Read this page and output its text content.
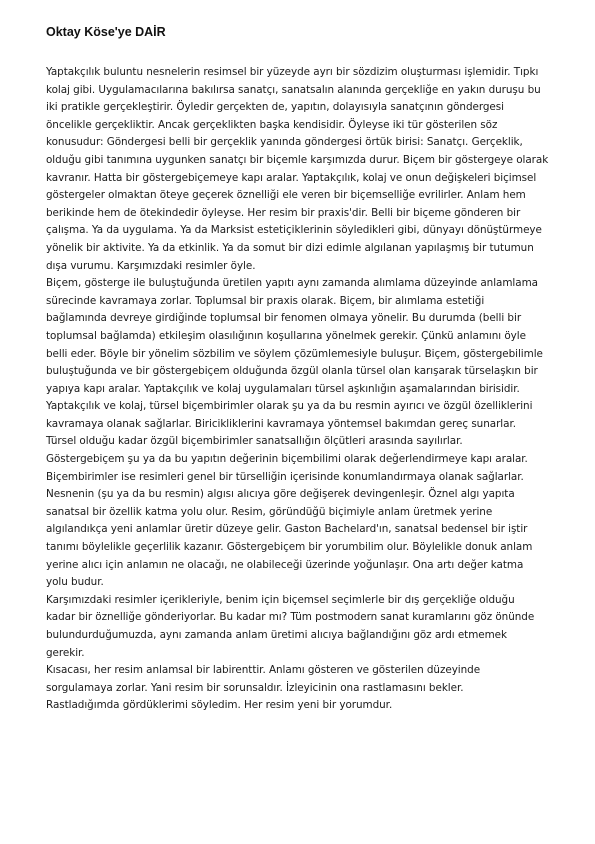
Oktay Köse'ye DAİR
Yaptakçılık buluntu nesnelerin resimsel bir yüzeyde ayrı bir sözdizim oluşturması işlemidir. Tıpkı
kolaj gibi. Uygulamacılarına bakılırsa sanatçı, sanatsalın alanında gerçekliğe en yakın duruşu bu
iki pratikle gerçekleştirir. Öyledir gerçekten de, yapıtın, dolayısıyla sanatçının göndergesi
öncelikle gerçekliktir. Ancak gerçeklikten başka kendisidir. Öyleyse iki tür gösterilen söz
konusudur: Göndergesi belli bir gerçeklik yanında göndergesi örtük birisi: Sanatçı. Gerçeklik,
olduğu gibi tanımına uygunken sanatçı bir biçemle karşımızda durur. Biçem bir göstergeye olarak
kavranır. Hatta bir göstergebiçemeye kapı aralar. Yaptakçılık, kolaj ve onun değişkeleri biçimsel
göstergeler olmaktan öteye geçerek öznelliği ele veren bir biçemselliğe evrilirler. Anlam hem
berikinde hem de ötekindedir öyleyse. Her resim bir praxis'dir. Belli bir biçeme gönderen bir
çalışma. Ya da uygulama. Ya da Marksist estetiçiklerinin söyledikleri gibi, dünyayı dönüştürmeye
yönelik bir aktivite. Ya da etkinlik. Ya da somut bir dizi edimle algılanan yapılaşmış bir tutumun
dışa vurumu. Karşımızdaki resimler öyle.
Biçem, gösterge ile buluştuğunda üretilen yapıtı aynı zamanda alımlama düzeyinde anlamlama
sürecinde kavramaya zorlar. Toplumsal bir praxis olarak. Biçem, bir alımlama estetiği
bağlamında devreye girdiğinde toplumsal bir fenomen olmaya yönelir. Bu durumda (belli bir
toplumsal bağlamda) etkileşim olasılığının koşullarına yönelmek gerekir. Çünkü anlamını öyle
belli eder. Böyle bir yönelim sözbilim ve söylem çözümlemesiyle buluşur. Biçem, göstergebilimle
buluştuğunda ve bir göstergebiçem olduğunda özgül olanla türsel olan karışarak türselaşkın bir
yapıya kapı aralar. Yaptakçılık ve kolaj uygulamaları türsel aşkınlığın aşamalarından birisidir.
Yaptakçılık ve kolaj, türsel biçembirimler olarak şu ya da bu resmin ayırıcı ve özgül özelliklerini
kavramaya olanak sağlarlar. Biricikliklerini kavramaya yöntemsel bakımdan gereç sunarlar.
Türsel olduğu kadar özgül biçembirimler sanatsallığın ölçütleri arasında sayılırlar.
Göstergebiçem şu ya da bu yapıtın değerinin biçembilimi olarak değerlendirmeye kapı aralar.
Biçembirimler ise resimleri genel bir türselliğin içerisinde konumlandırmaya olanak sağlarlar.
Nesnenin (şu ya da bu resmin) algısı alıcıya göre değişerek devingenleşir. Öznel algı yapıta
sanatsal bir özellik katma yolu olur. Resim, göründüğü biçimiyle anlam üretmek yerine
algılandıkça yeni anlamlar üretir düzeye gelir. Gaston Bachelard'ın, sanatsal bedensel bir iştir
tanımı böylelikle geçerlilik kazanır. Göstergebiçem bir yorumbilim olur. Böylelikle donuk anlam
yerine alıcı için anlamın ne olacağı, ne olabileceği üzerinde yoğunlaşır. Ona artı değer katma
yolu budur.
Karşımızdaki resimler içerikleriyle, benim için biçemsel seçimlerle bir dış gerçekliğe olduğu
kadar bir öznelliğe gönderiyorlar. Bu kadar mı? Tüm postmodern sanat kuramlarını göz önünde
bulundurduğumuzda, aynı zamanda anlam üretimi alıcıya bağlandığını göz ardı etmemek
gerekir.
Kısacası, her resim anlamsal bir labirenttir. Anlamı gösteren ve gösterilen düzeyinde
sorgulamaya zorlar. Yani resim bir sorunsaldır. İzleyicinin ona rastlamasını bekler.
Rastladığımda gördüklerimi söyledim. Her resim yeni bir yorumdur.
